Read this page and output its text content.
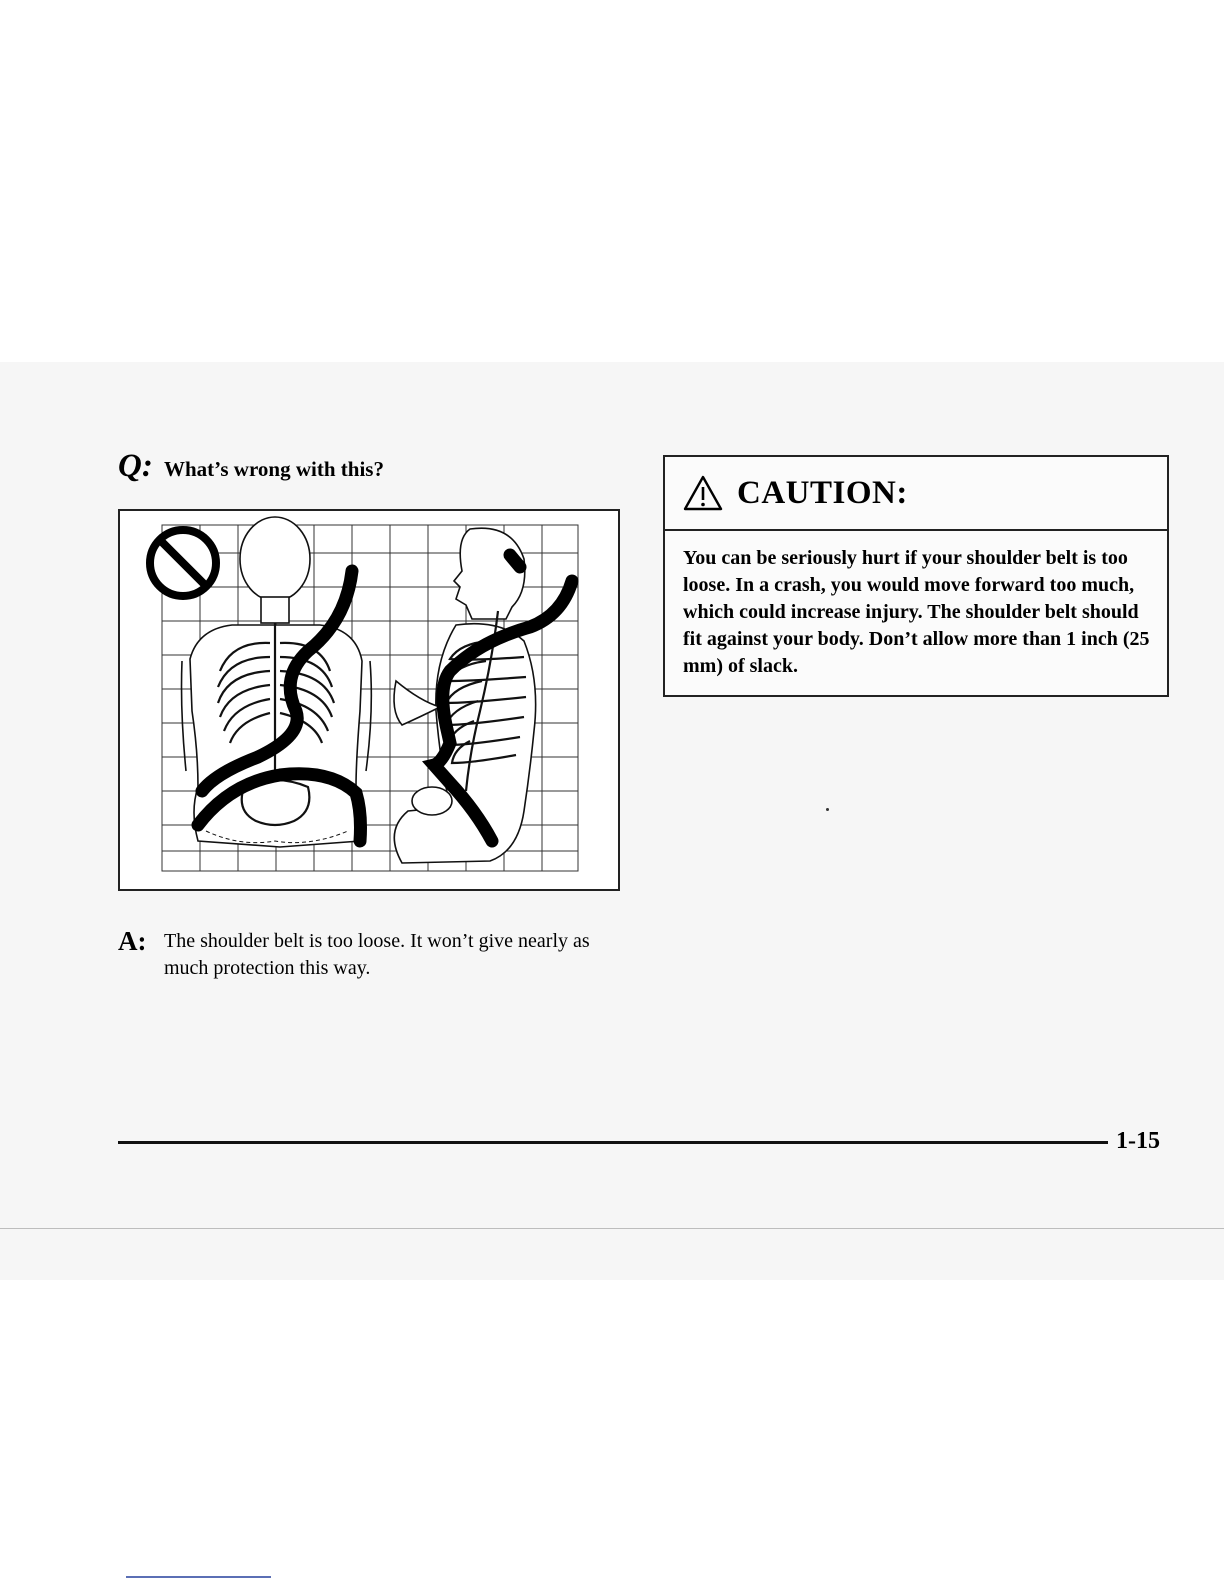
Q: What’s wrong with this?
A: The shoulder belt is too loose. It won’t give nearly as much protection this way.
CAUTION:
You can be seriously hurt if your shoulder belt is too loose. In a crash, you would move forward too much, which could increase injury. The shoulder belt should fit against your body. Don’t allow more than 1 inch (25 mm) of slack.
1-15
